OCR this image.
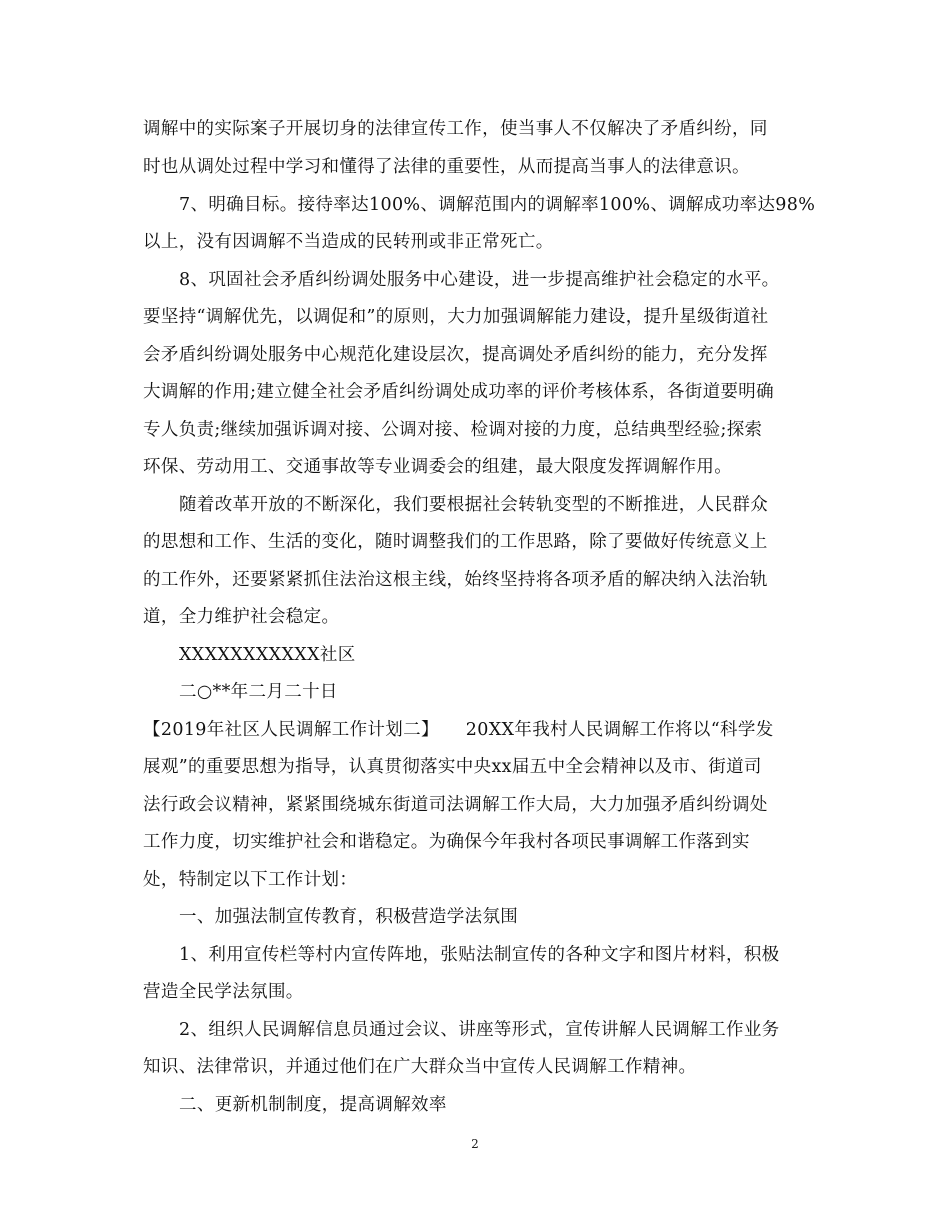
调解中的实际案子开展切身的法律宣传工作，使当事人不仅解决了矛盾纠纷，同
时也从调处过程中学习和懂得了法律的重要性，从而提高当事人的法律意识。
7、明确目标。接待率达100%、调解范围内的调解率100%、调解成功率达98%
以上，没有因调解不当造成的民转刑或非正常死亡。
8、巩固社会矛盾纠纷调处服务中心建设，进一步提高维护社会稳定的水平。
要坚持“调解优先，以调促和”的原则，大力加强调解能力建设，提升星级街道社
会矛盾纠纷调处服务中心规范化建设层次，提高调处矛盾纠纷的能力，充分发挥
大调解的作用;建立健全社会矛盾纠纷调处成功率的评价考核体系，各街道要明确
专人负责;继续加强诉调对接、公调对接、检调对接的力度，总结典型经验;探索
环保、劳动用工、交通事故等专业调委会的组建，最大限度发挥调解作用。
随着改革开放的不断深化，我们要根据社会转轨变型的不断推进，人民群众
的思想和工作、生活的变化，随时调整我们的工作思路，除了要做好传统意义上
的工作外，还要紧紧抓住法治这根主线，始终坚持将各项矛盾的解决纳入法治轨
道，全力维护社会稳定。
XXXXXXXXXXX社区
二○**年二月二十日
【2019年社区人民调解工作计划二】　　20XX年我村人民调解工作将以“科学发
展观”的重要思想为指导，认真贯彻落实中央xx届五中全会精神以及市、街道司
法行政会议精神，紧紧围绕城东街道司法调解工作大局，大力加强矛盾纠纷调处
工作力度，切实维护社会和谐稳定。为确保今年我村各项民事调解工作落到实
处，特制定以下工作计划：
一、加强法制宣传教育，积极营造学法氛围
1、利用宣传栏等村内宣传阵地，张贴法制宣传的各种文字和图片材料，积极
营造全民学法氛围。
2、组织人民调解信息员通过会议、讲座等形式，宣传讲解人民调解工作业务
知识、法律常识，并通过他们在广大群众当中宣传人民调解工作精神。
二、更新机制制度，提高调解效率
2
